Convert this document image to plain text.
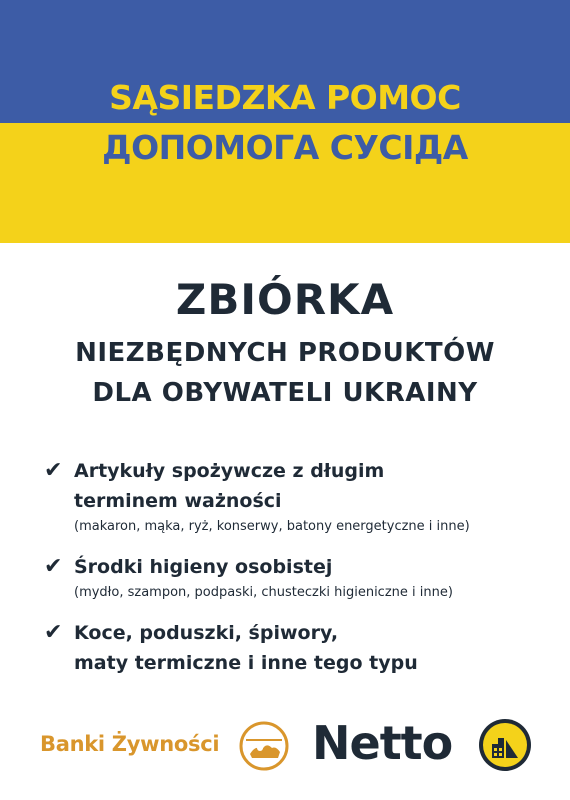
SĄSIEDZKA POMOC
ДОПОМОГА СУСІДА
ZBIÓRKA
NIEZBĘDNYCH PRODUKTÓW
DLA OBYWATELI UKRAINY
✔ Artykuły spożywcze z długim
terminem ważności
(makaron, mąka, ryż, konserwy, batony energetyczne i inne)
✔ Środki higieny osobistej
(mydło, szampon, podpaski, chusteczki higieniczne i inne)
✔ Koce, poduszki, śpiwory,
maty termiczne i inne tego typu
Banki Żywności Netto
